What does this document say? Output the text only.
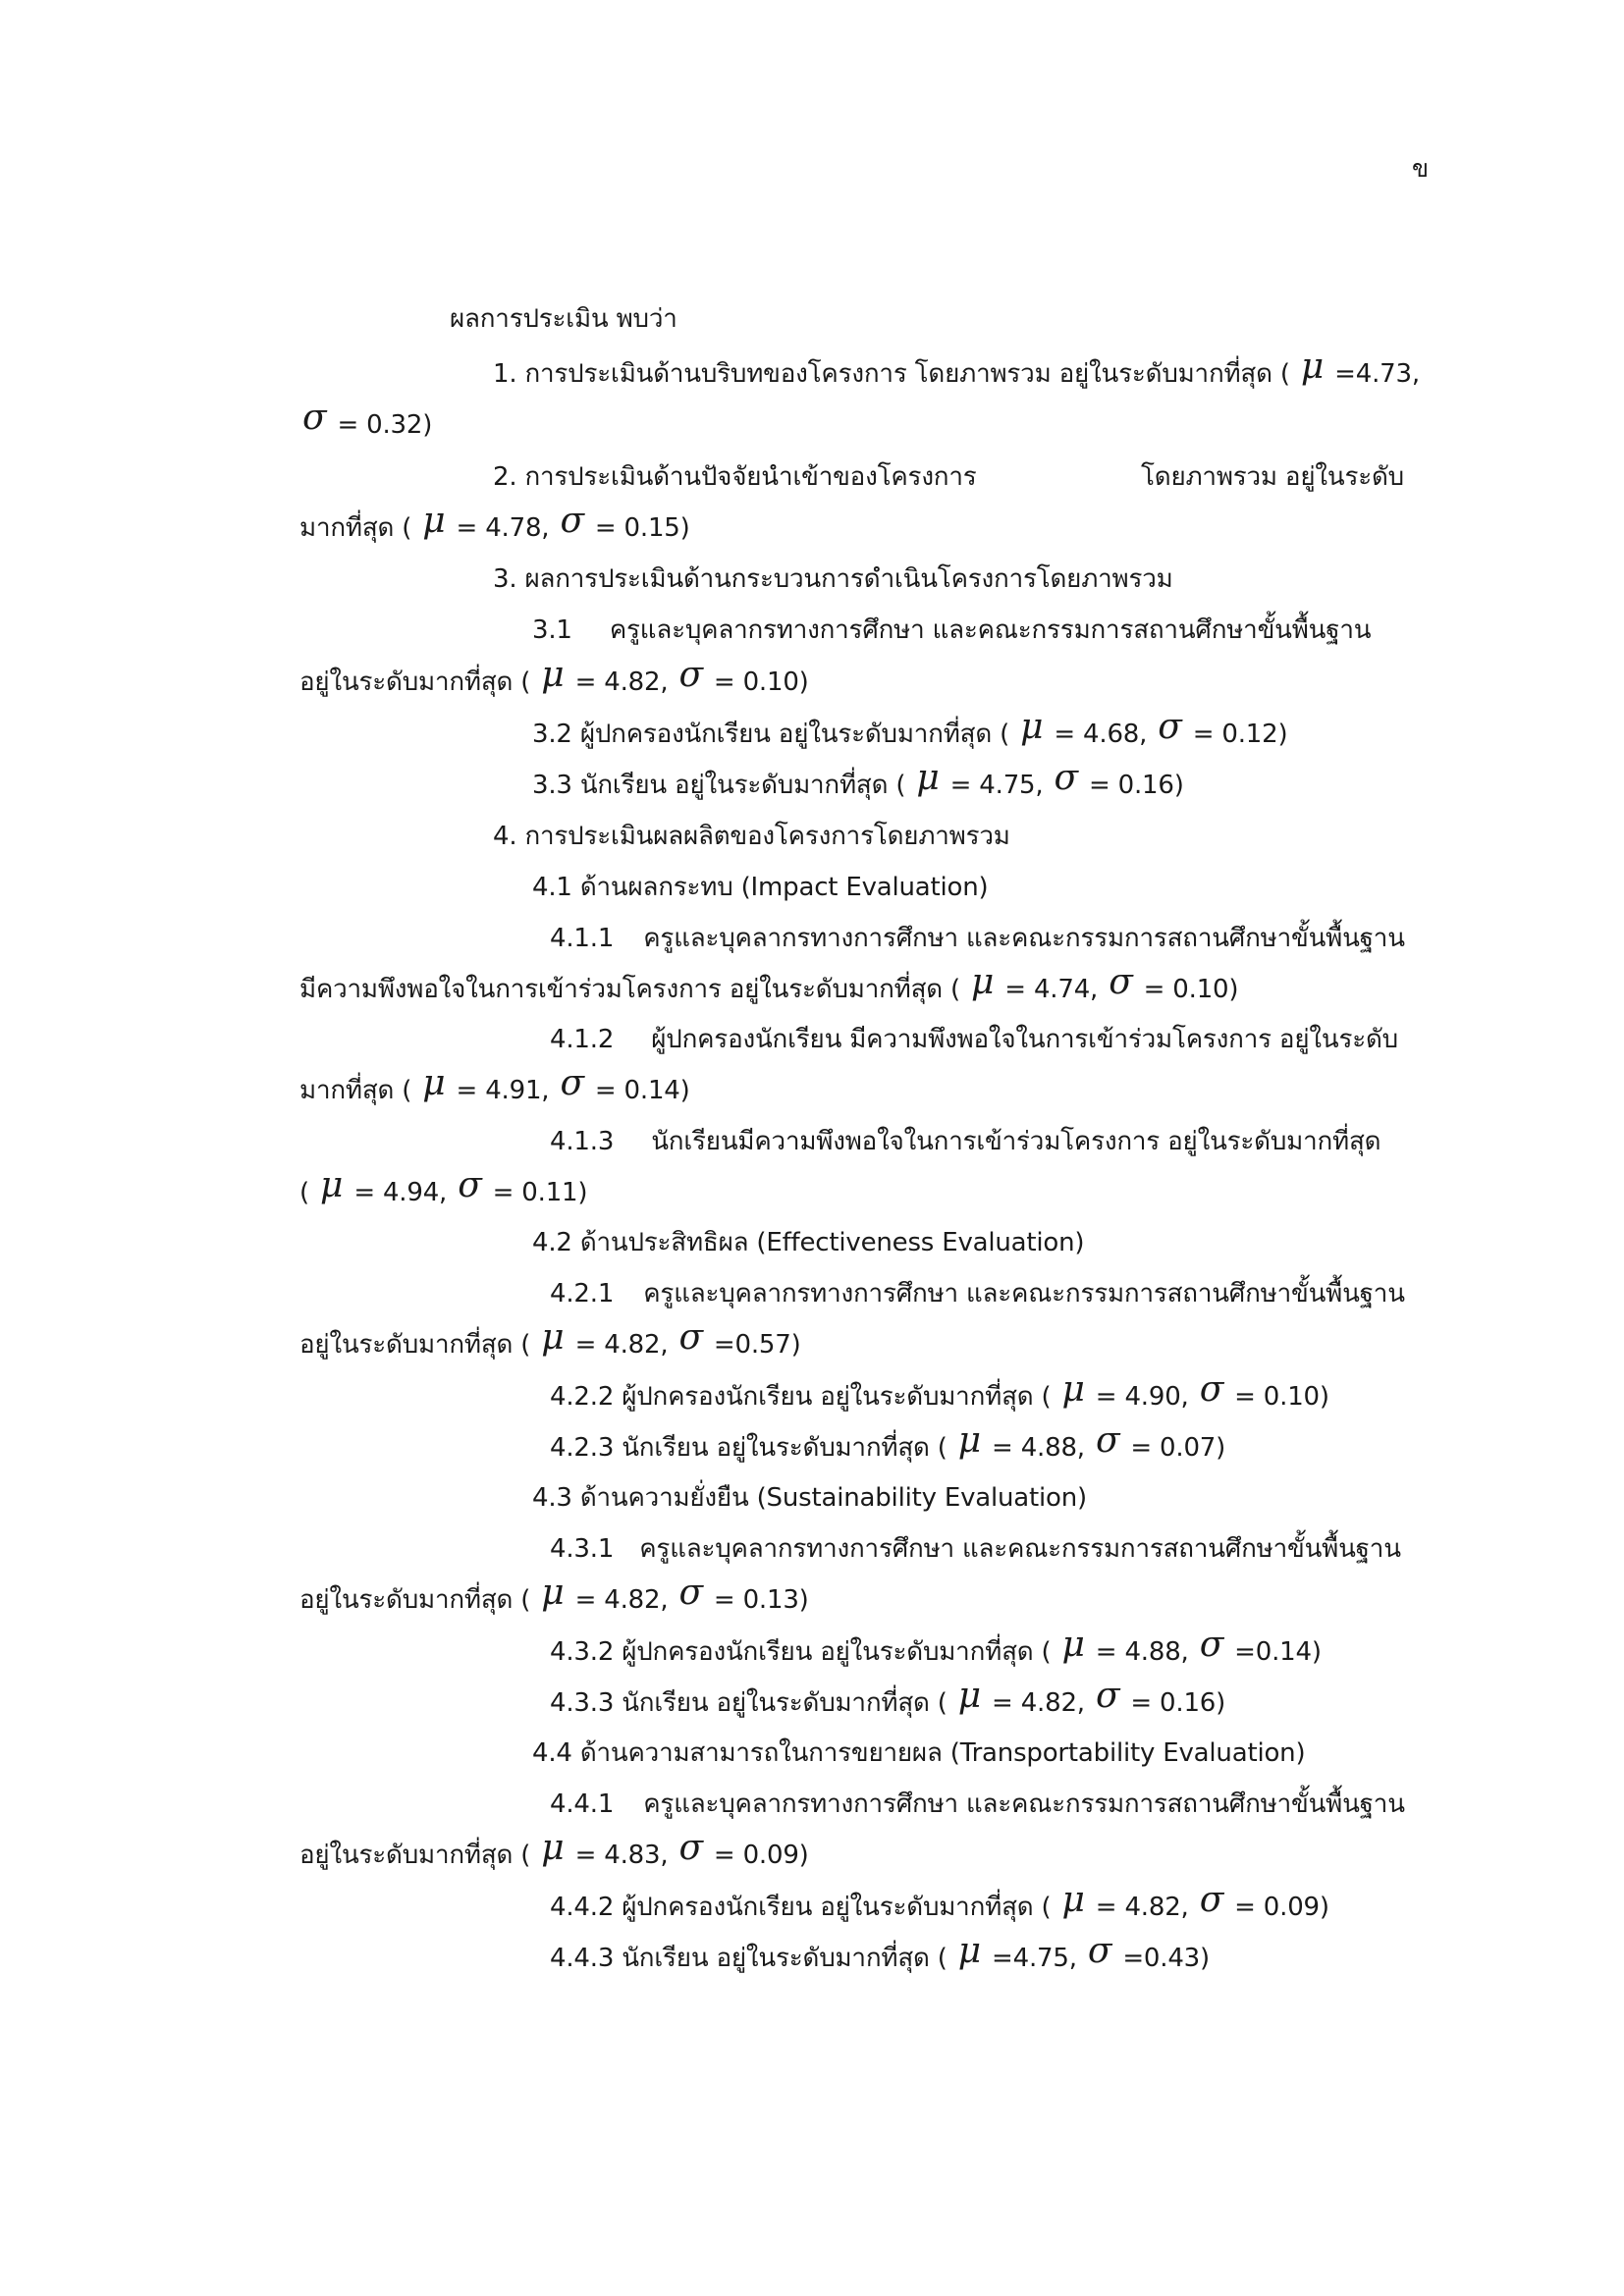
ข
ผลการประเมิน พบว่า
1. การประเมินด้านบริบทของโครงการ โดยภาพรวม อยู่ในระดับมากที่สุด ( μ =4.73,
σ = 0.32)
2. การประเมินด้านปัจจัยนำเข้าของโครงการ	โดยภาพรวม อยู่ในระดับ
มากที่สุด ( μ = 4.78, σ = 0.15)
3. ผลการประเมินด้านกระบวนการดำเนินโครงการโดยภาพรวม
3.1 ครูและบุคลากรทางการศึกษา และคณะกรรมการสถานศึกษาขั้นพื้นฐาน
อยู่ในระดับมากที่สุด ( μ = 4.82, σ = 0.10)
3.2 ผู้ปกครองนักเรียน อยู่ในระดับมากที่สุด ( μ = 4.68, σ = 0.12)
3.3 นักเรียน อยู่ในระดับมากที่สุด ( μ = 4.75, σ = 0.16)
4. การประเมินผลผลิตของโครงการโดยภาพรวม
4.1 ด้านผลกระทบ (Impact Evaluation)
4.1.1 ครูและบุคลากรทางการศึกษา และคณะกรรมการสถานศึกษาขั้นพื้นฐาน
มีความพึงพอใจในการเข้าร่วมโครงการ อยู่ในระดับมากที่สุด ( μ = 4.74, σ = 0.10)
4.1.2 ผู้ปกครองนักเรียน มีความพึงพอใจในการเข้าร่วมโครงการ อยู่ในระดับ
มากที่สุด ( μ = 4.91, σ = 0.14)
4.1.3 นักเรียนมีความพึงพอใจในการเข้าร่วมโครงการ อยู่ในระดับมากที่สุด
( μ = 4.94, σ = 0.11)
4.2 ด้านประสิทธิผล (Effectiveness Evaluation)
4.2.1 ครูและบุคลากรทางการศึกษา และคณะกรรมการสถานศึกษาขั้นพื้นฐาน
อยู่ในระดับมากที่สุด ( μ = 4.82, σ =0.57)
4.2.2 ผู้ปกครองนักเรียน อยู่ในระดับมากที่สุด ( μ = 4.90, σ = 0.10)
4.2.3 นักเรียน อยู่ในระดับมากที่สุด ( μ = 4.88, σ = 0.07)
4.3 ด้านความยั่งยืน (Sustainability Evaluation)
4.3.1 ครูและบุคลากรทางการศึกษา และคณะกรรมการสถานศึกษาขั้นพื้นฐาน
อยู่ในระดับมากที่สุด ( μ = 4.82, σ = 0.13)
4.3.2 ผู้ปกครองนักเรียน อยู่ในระดับมากที่สุด ( μ = 4.88, σ =0.14)
4.3.3 นักเรียน อยู่ในระดับมากที่สุด ( μ = 4.82, σ = 0.16)
4.4 ด้านความสามารถในการขยายผล (Transportability Evaluation)
4.4.1 ครูและบุคลากรทางการศึกษา และคณะกรรมการสถานศึกษาขั้นพื้นฐาน
อยู่ในระดับมากที่สุด ( μ = 4.83, σ = 0.09)
4.4.2 ผู้ปกครองนักเรียน อยู่ในระดับมากที่สุด ( μ = 4.82, σ = 0.09)
4.4.3 นักเรียน อยู่ในระดับมากที่สุด ( μ =4.75, σ =0.43)
